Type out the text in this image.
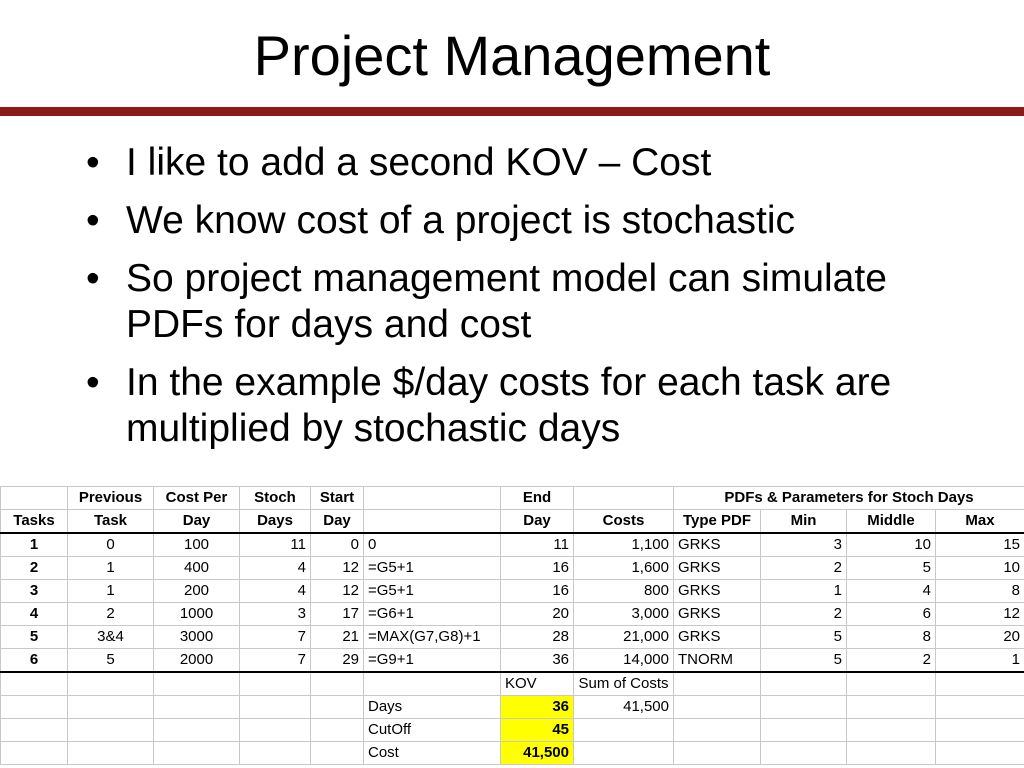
Project Management
• I like to add a second KOV – Cost
• We know cost of a project is stochastic
• So project management model can simulate PDFs for days and cost
• In the example $/day costs for each task are multiplied by stochastic days
	Previous	Cost Per	Stoch	Start		End		PDFs & Parameters for Stoch Days			
Tasks	Task	Day	Days	Day		Day	Costs	Type PDF	Min	Middle	Max
1	0	100	11	0	0	11	1,100	GRKS	3	10	15
2	1	400	4	12	=G5+1	16	1,600	GRKS	2	5	10
3	1	200	4	12	=G5+1	16	800	GRKS	1	4	8
4	2	1000	3	17	=G6+1	20	3,000	GRKS	2	6	12
5	3&4	3000	7	21	=MAX(G7,G8)+1	28	21,000	GRKS	5	8	20
6	5	2000	7	29	=G9+1	36	14,000	TNORM	5	2	1
						KOV	Sum of Costs				
					Days	36	41,500				
					CutOff	45					
					Cost	41,500					
